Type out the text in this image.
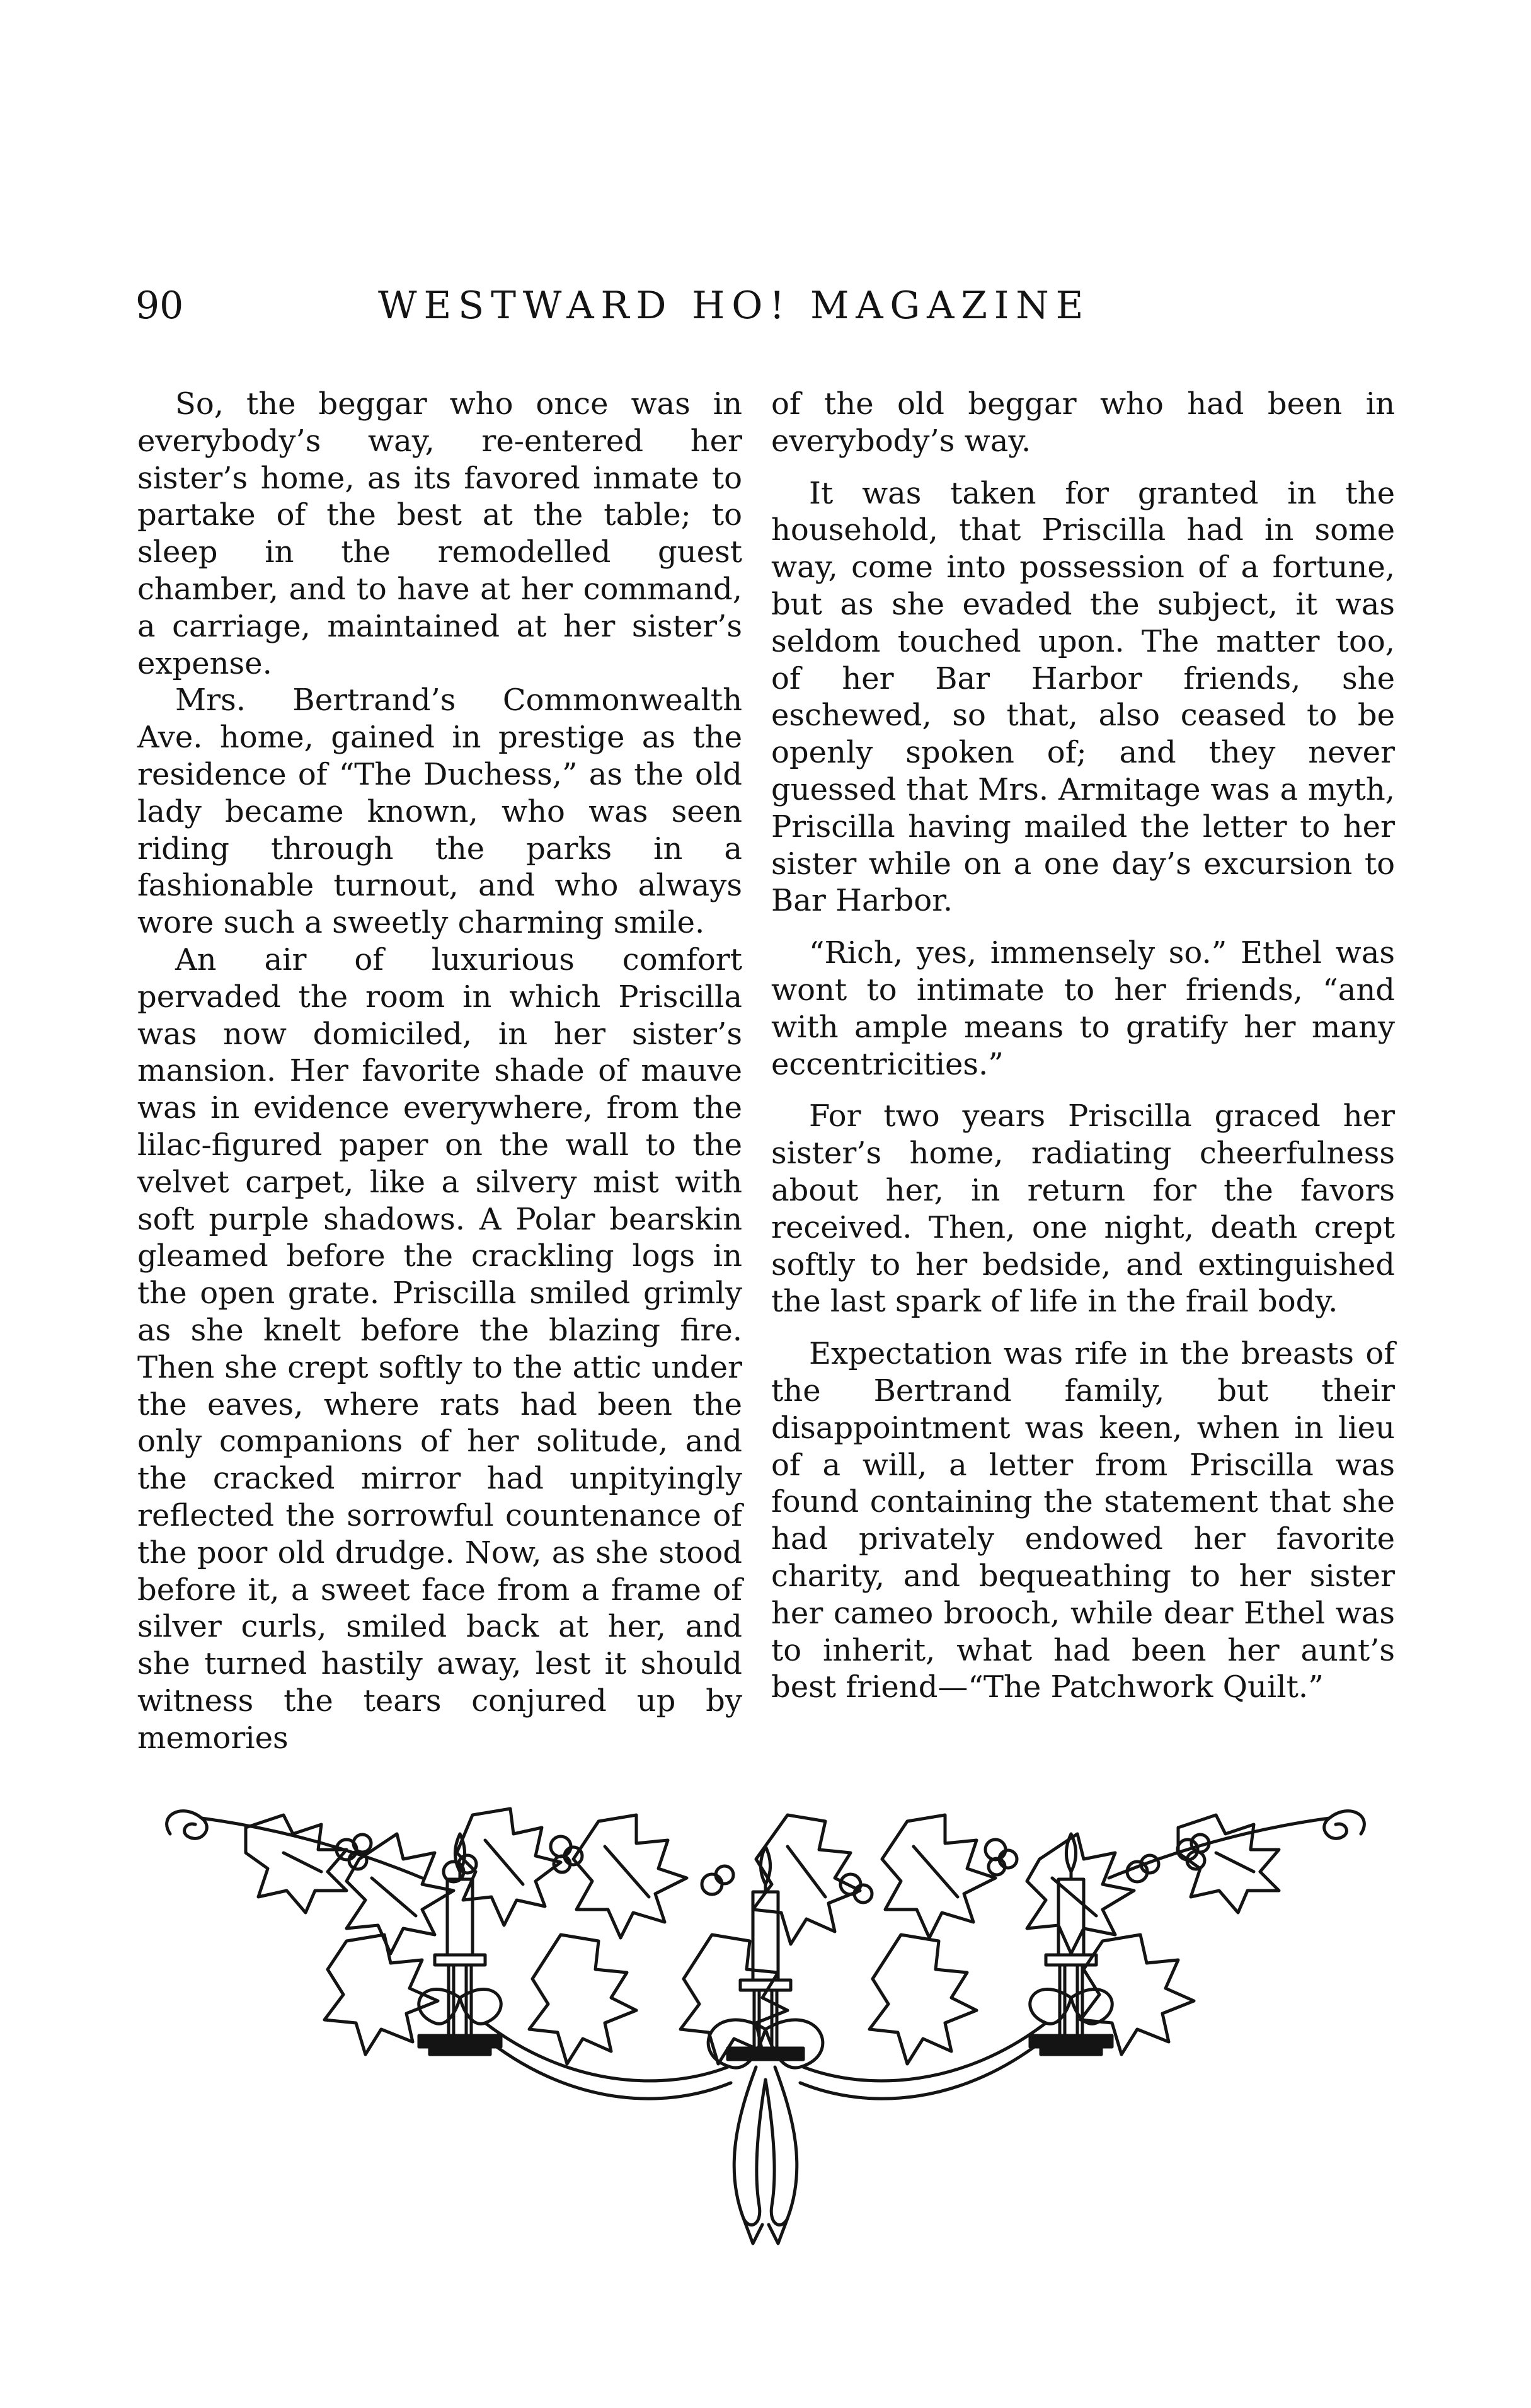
90	WESTWARD HO! MAGAZINE

So, the beggar who once was in everybody’s way, re-entered her sister’s home, as its favored inmate to partake of the best at the table; to sleep in the remodelled guest chamber, and to have at her command, a carriage, maintained at her sister’s expense.

Mrs. Bertrand’s Commonwealth Ave. home, gained in prestige as the residence of “The Duchess,” as the old lady became known, who was seen riding through the parks in a fashionable turnout, and who always wore such a sweetly charming smile.

An air of luxurious comfort pervaded the room in which Priscilla was now domiciled, in her sister’s mansion. Her favorite shade of mauve was in evidence everywhere, from the lilac-figured paper on the wall to the velvet carpet, like a silvery mist with soft purple shadows. A Polar bearskin gleamed before the crackling logs in the open grate. Priscilla smiled grimly as she knelt before the blazing fire. Then she crept softly to the attic under the eaves, where rats had been the only companions of her solitude, and the cracked mirror had unpityingly reflected the sorrowful countenance of the poor old drudge. Now, as she stood before it, a sweet face from a frame of silver curls, smiled back at her, and she turned hastily away, lest it should witness the tears conjured up by memories

of the old beggar who had been in everybody’s way.

It was taken for granted in the household, that Priscilla had in some way, come into possession of a fortune, but as she evaded the subject, it was seldom touched upon. The matter too, of her Bar Harbor friends, she eschewed, so that, also ceased to be openly spoken of; and they never guessed that Mrs. Armitage was a myth, Priscilla having mailed the letter to her sister while on a one day’s excursion to Bar Harbor.

“Rich, yes, immensely so.” Ethel was wont to intimate to her friends, “and with ample means to gratify her many eccentricities.”

For two years Priscilla graced her sister’s home, radiating cheerfulness about her, in return for the favors received. Then, one night, death crept softly to her bedside, and extinguished the last spark of life in the frail body.

Expectation was rife in the breasts of the Bertrand family, but their disappointment was keen, when in lieu of a will, a letter from Priscilla was found containing the statement that she had privately endowed her favorite charity, and bequeathing to her sister her cameo brooch, while dear Ethel was to inherit, what had been her aunt’s best friend—“The Patchwork Quilt.”
